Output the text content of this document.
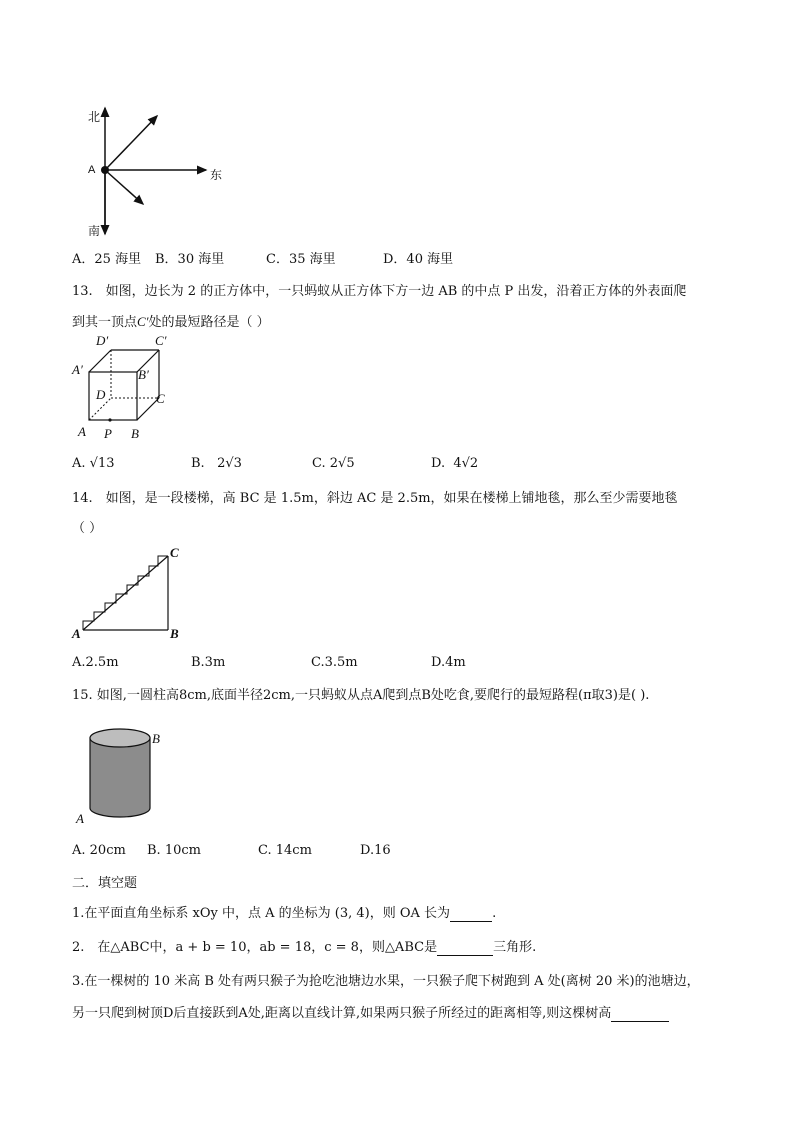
北
南
东
A
A．25 海里 B．30 海里	C．35 海里	D．40 海里
13.　如图，边长为 2 的正方体中，一只蚂蚁从正方体下方一边 AB 的中点 P 出发，沿着正方体的外表面爬
到其一顶点C′处的最短路径是（ ）
D′	C′
A′	B′
D	C
A P B
A. √13	B. 2√3	C. 2√5	D. 4√2
14.　如图，是一段楼梯，高 BC 是 1.5m，斜边 AC 是 2.5m，如果在楼梯上铺地毯，那么至少需要地毯
（ ）
C
A	B
A.2.5m	B.3m	C.3.5m	D.4m
15. 如图,一圆柱高8cm,底面半径2cm,一只蚂蚁从点A爬到点B处吃食,要爬行的最短路程(π取3)是( ).
B
A
A. 20cm B. 10cm	C. 14cm	D.16
二．填空题
1.在平面直角坐标系 xOy 中，点 A 的坐标为 (3, 4)，则 OA 长为	.
2.　在△ABC中，a + b = 10，ab = 18，c = 8，则△ABC是	三角形.
3.在一棵树的 10 米高 B 处有两只猴子为抢吃池塘边水果，一只猴子爬下树跑到 A 处(离树 20 米)的池塘边，
另一只爬到树顶D后直接跃到A处,距离以直线计算,如果两只猴子所经过的距离相等,则这棵树高
